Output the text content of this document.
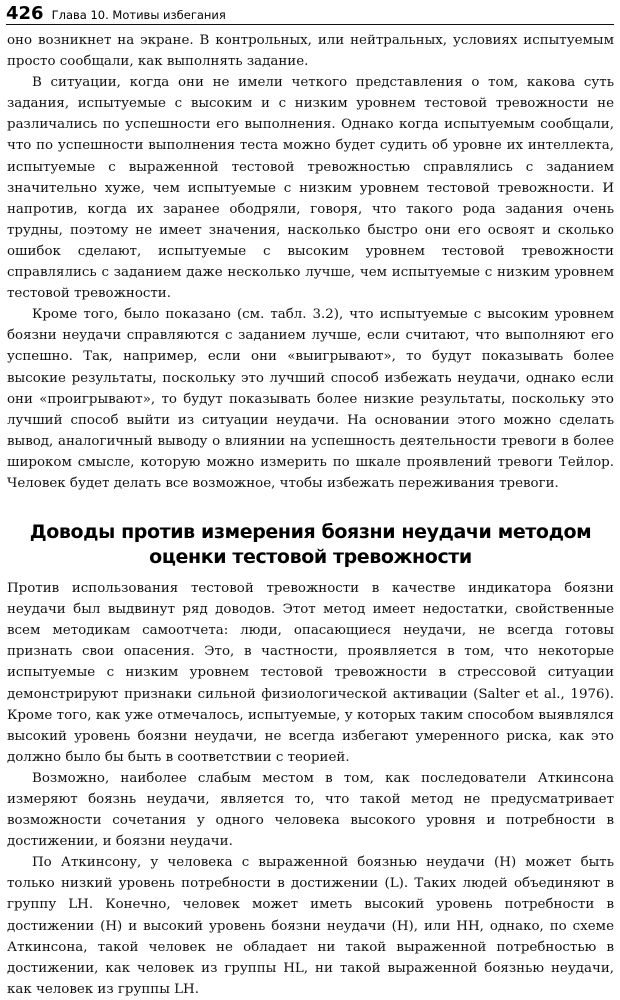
426 Глава 10. Мотивы избегания

оно возникнет на экране. В контрольных, или нейтральных, условиях испытуемым просто сообщали, как выполнять задание.

В ситуации, когда они не имели четкого представления о том, какова суть задания, испытуемые с высоким и с низким уровнем тестовой тревожности не различались по успешности его выполнения. Однако когда испытуемым сообщали, что по успешности выполнения теста можно будет судить об уровне их интеллекта, испытуемые с выраженной тестовой тревожностью справлялись с заданием значительно хуже, чем испытуемые с низким уровнем тестовой тревожности. И напротив, когда их заранее ободряли, говоря, что такого рода задания очень трудны, поэтому не имеет значения, насколько быстро они его освоят и сколько ошибок сделают, испытуемые с высоким уровнем тестовой тревожности справлялись с заданием даже несколько лучше, чем испытуемые с низким уровнем тестовой тревожности.

Кроме того, было показано (см. табл. 3.2), что испытуемые с высоким уровнем боязни неудачи справляются с заданием лучше, если считают, что выполняют его успешно. Так, например, если они «выигрывают», то будут показывать более высокие результаты, поскольку это лучший способ избежать неудачи, однако если они «проигрывают», то будут показывать более низкие результаты, поскольку это лучший способ выйти из ситуации неудачи. На основании этого можно сделать вывод, аналогичный выводу о влиянии на успешность деятельности тревоги в более широком смысле, которую можно измерить по шкале проявлений тревоги Тейлор. Человек будет делать все возможное, чтобы избежать переживания тревоги.

Доводы против измерения боязни неудачи методом
оценки тестовой тревожности

Против использования тестовой тревожности в качестве индикатора боязни неудачи был выдвинут ряд доводов. Этот метод имеет недостатки, свойственные всем методикам самоотчета: люди, опасающиеся неудачи, не всегда готовы признать свои опасения. Это, в частности, проявляется в том, что некоторые испытуемые с низким уровнем тестовой тревожности в стрессовой ситуации демонстрируют признаки сильной физиологической активации (Salter et al., 1976). Кроме того, как уже отмечалось, испытуемые, у которых таким способом выявлялся высокий уровень боязни неудачи, не всегда избегают умеренного риска, как это должно было бы быть в соответствии с теорией.

Возможно, наиболее слабым местом в том, как последователи Аткинсона измеряют боязнь неудачи, является то, что такой метод не предусматривает возможности сочетания у одного человека высокого уровня и потребности в достижении, и боязни неудачи.

По Аткинсону, у человека с выраженной боязнью неудачи (H) может быть только низкий уровень потребности в достижении (L). Таких людей объединяют в группу LH. Конечно, человек может иметь высокий уровень потребности в достижении (H) и высокий уровень боязни неудачи (H), или HH, однако, по схеме Аткинсона, такой человек не обладает ни такой выраженной потребностью в достижении, как человек из группы HL, ни такой выраженной боязнью неудачи, как человек из группы LH.
